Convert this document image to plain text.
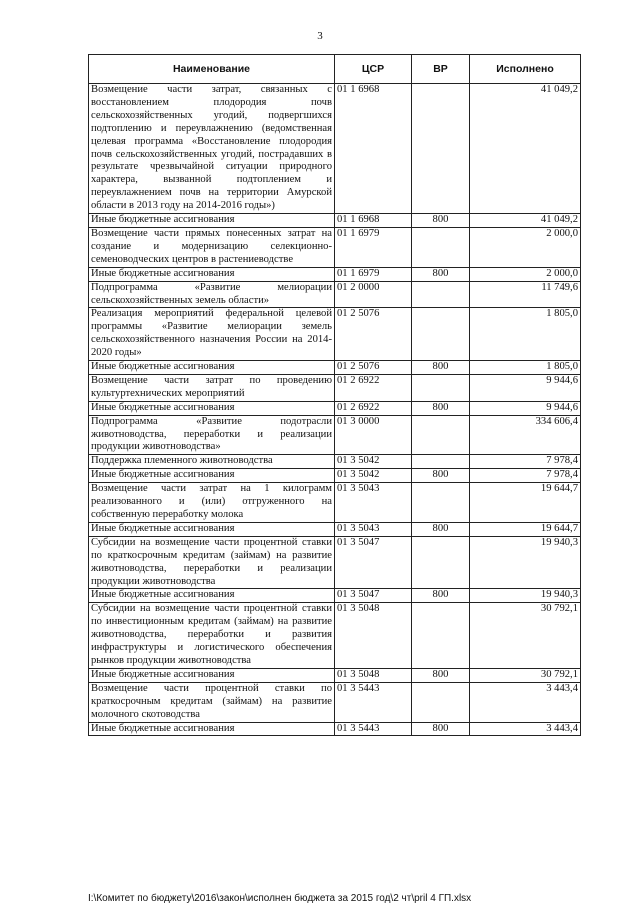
3
Наименование	ЦСР	ВР	Исполнено
Возмещение части затрат, связанных с восстановлением плодородия почв сельскохозяйственных угодий, подвергшихся подтоплению и переувлажнению (ведомственная целевая программа «Восстановление плодородия почв сельскохозяйственных угодий, пострадавших в результате чрезвычайной ситуации природного характера, вызванной подтоплением и переувлажнением почв на территории Амурской области в 2013 году на 2014-2016 годы»)	01 1 6968		41 049,2
Иные бюджетные ассигнования	01 1 6968	800	41 049,2
Возмещение части прямых понесенных затрат на создание и модернизацию селекционно-семеноводческих центров в растениеводстве	01 1 6979		2 000,0
Иные бюджетные ассигнования	01 1 6979	800	2 000,0
Подпрограмма «Развитие мелиорации сельскохозяйственных земель области»	01 2 0000		11 749,6
Реализация мероприятий федеральной целевой программы «Развитие мелиорации земель сельскохозяйственного назначения России на 2014-2020 годы»	01 2 5076		1 805,0
Иные бюджетные ассигнования	01 2 5076	800	1 805,0
Возмещение части затрат по проведению культуртехнических мероприятий	01 2 6922		9 944,6
Иные бюджетные ассигнования	01 2 6922	800	9 944,6
Подпрограмма «Развитие подотрасли животноводства, переработки и реализации продукции животноводства»	01 3 0000		334 606,4
Поддержка племенного животноводства	01 3 5042		7 978,4
Иные бюджетные ассигнования	01 3 5042	800	7 978,4
Возмещение части затрат на 1 килограмм реализованного и (или) отгруженного на собственную переработку молока	01 3 5043		19 644,7
Иные бюджетные ассигнования	01 3 5043	800	19 644,7
Субсидии на возмещение части процентной ставки по краткосрочным кредитам (займам) на развитие животноводства, переработки и реализации продукции животноводства	01 3 5047		19 940,3
Иные бюджетные ассигнования	01 3 5047	800	19 940,3
Субсидии на возмещение части процентной ставки по инвестиционным кредитам (займам) на развитие животноводства, переработки и развития инфраструктуры и логистического обеспечения рынков продукции животноводства	01 3 5048		30 792,1
Иные бюджетные ассигнования	01 3 5048	800	30 792,1
Возмещение части процентной ставки по краткосрочным кредитам (займам) на развитие молочного скотоводства	01 3 5443		3 443,4
Иные бюджетные ассигнования	01 3 5443	800	3 443,4
I:\Комитет по бюджету\2016\закон\исполнен бюджета за 2015 год\2 чт\pril 4 ГП.xlsx
